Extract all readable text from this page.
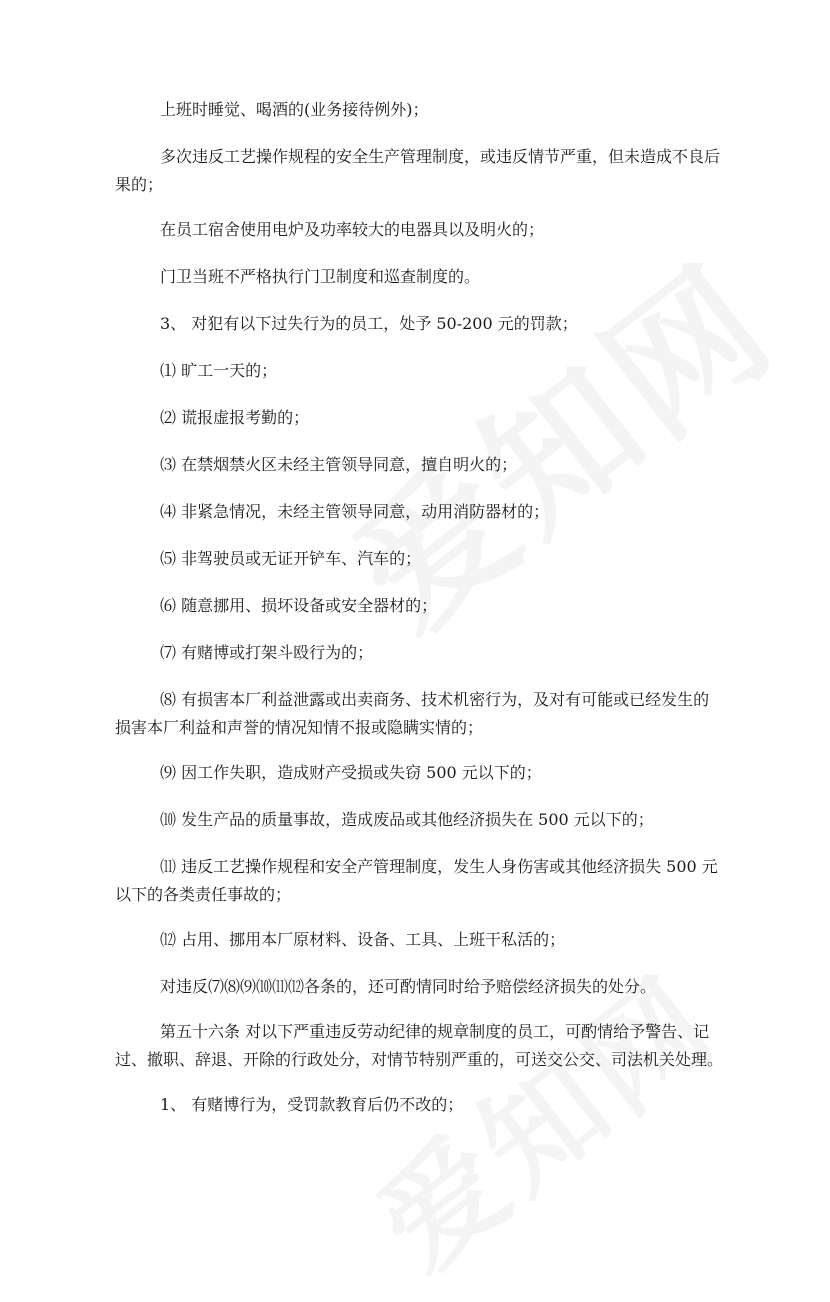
上班时睡觉、喝酒的(业务接待例外)；

多次违反工艺操作规程的安全生产管理制度，或违反情节严重，但未造成不良后果的；

在员工宿舍使用电炉及功率较大的电器具以及明火的；

门卫当班不严格执行门卫制度和巡查制度的。

3、 对犯有以下过失行为的员工，处予 50-200 元的罚款；

⑴ 旷工一天的；

⑵ 谎报虚报考勤的；

⑶ 在禁烟禁火区未经主管领导同意，擅自明火的；

⑷ 非紧急情况，未经主管领导同意，动用消防器材的；

⑸ 非驾驶员或无证开铲车、汽车的；

⑹ 随意挪用、损坏设备或安全器材的；

⑺ 有赌博或打架斗殴行为的；

⑻ 有损害本厂利益泄露或出卖商务、技术机密行为，及对有可能或已经发生的损害本厂利益和声誉的情况知情不报或隐瞒实情的；

⑼ 因工作失职，造成财产受损或失窃 500 元以下的；

⑽ 发生产品的质量事故，造成废品或其他经济损失在 500 元以下的；

⑾ 违反工艺操作规程和安全产管理制度，发生人身伤害或其他经济损失 500 元以下的各类责任事故的；

⑿ 占用、挪用本厂原材料、设备、工具、上班干私活的；

对违反⑺⑻⑼⑽⑾⑿各条的，还可酌情同时给予赔偿经济损失的处分。

第五十六条 对以下严重违反劳动纪律的规章制度的员工，可酌情给予警告、记过、撤职、辞退、开除的行政处分，对情节特别严重的，可送交公交、司法机关处理。

1、 有赌博行为，受罚款教育后仍不改的；
